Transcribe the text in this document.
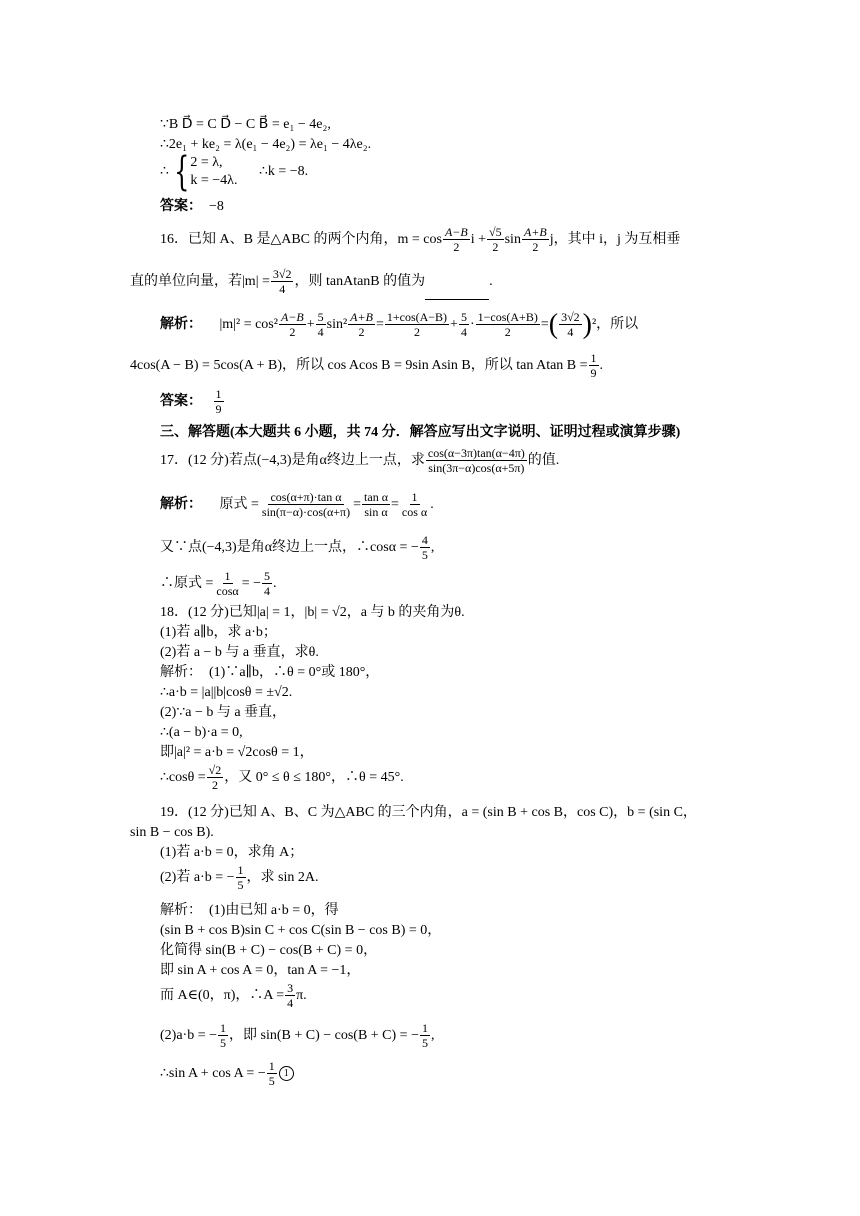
∵B D⃗ = C D⃗ − C B⃗ = e₁ − 4e₂,
∴2e₁ + ke₂ = λ(e₁ − 4e₂) = λe₁ − 4λe₂.
∴ { 2 = λ,
k = −4λ.
∴k = −8.
答案： −8
16．已知 A、B 是△ABC 的两个内角，$m = \cos \frac{A-B}{2}$ $i + \frac{√5}{2}$ $\sin \frac{A+B}{2}$ j，其中 i，j 为互相垂
直的单位向量，若$|m| = \frac{3√2}{4}$ ，则 tanAtanB 的值为	.
解析： $|m|^2 = \cos^2 \frac{A-B}{2} + \frac{5}{4} \sin^2 \frac{A+B}{2} = \frac{1+\cos(A-B)}{2} + \frac{5}{4} \cdot \frac{1-\cos(A+B)}{2}$ =( $\frac{3√2}{4} )^2$，所以
4cos(A − B) = 5cos(A + B)，所以 cos Acos B = 9sin Asin B，所以 tan Atan $B = \frac{1}{9}$ .
答案： $\frac{1}{9}$
三、解答题(本大题共 6 小题，共 74 分．解答应写出文字说明、证明过程或演算步骤)
17．(12 分)若点(−4,3)是角α终边上一点，求 $\frac{\cos(\alpha-3\pi)\tan(\alpha-4\pi)}{\sin(3\pi-\alpha)\cos(\alpha+5\pi)}$ 的值.
解析： 原式 = $\frac{\text{cos(α+π)·tan α}}{\sin(\pi-\alpha)\cdot\cos(\alpha+\pi)} = \frac{\text{tan α}}{\text{sin α}} = \frac{1}{\text{cos α}}$ .
又∵点(−4,3)是角α终边上一点，∴cosα = − $\frac{4}{5}$ ,
∴原式 = $\frac{1}{\cos\alpha}$ = − $\frac{5}{4}$ .
18．(12 分)已知|a| = 1，|b| = √2，a 与 b 的夹角为θ.
(1)若 a∥b，求 a·b；
(2)若 a − b 与 a 垂直，求θ.
解析：　(1)∵a∥b，∴θ = 0°或 180°，
∴a·b = |a||b|cosθ = ±√2.
(2)∵a − b 与 a 垂直，
∴(a − b)·a = 0,
即|a|² = a·b = √2cosθ = 1，
∴cosθ = $\frac{√2}{2}$ ，又 0° ≤ θ ≤ 180°，∴θ = 45°.
19．(12 分)已知 A、B、C 为△ABC 的三个内角，a = (sin B + cos B，cos C)，b = (sin C，
sin B − cos B).
(1)若 a·b = 0，求角 A；
(2)若 a·b = − $\frac{1}{5}$ ，求 sin 2A.
解析：　(1)由已知 a·b = 0，得
(sin B + cos B)sin C + cos C(sin B − cos B) = 0，
化简得 sin(B + C) − cos(B + C) = 0，
即 sin A + cos A = 0，tan A = −1，
而 A∈(0，π)，∴A = $\frac{3}{4} \pi$.
(2)a·b = − $\frac{1}{5}$ ，即 sin(B + C) − cos(B + C) = − $\frac{1}{5}$ ,
∴sin A + cos A = − $\frac{1}{5} 1$
